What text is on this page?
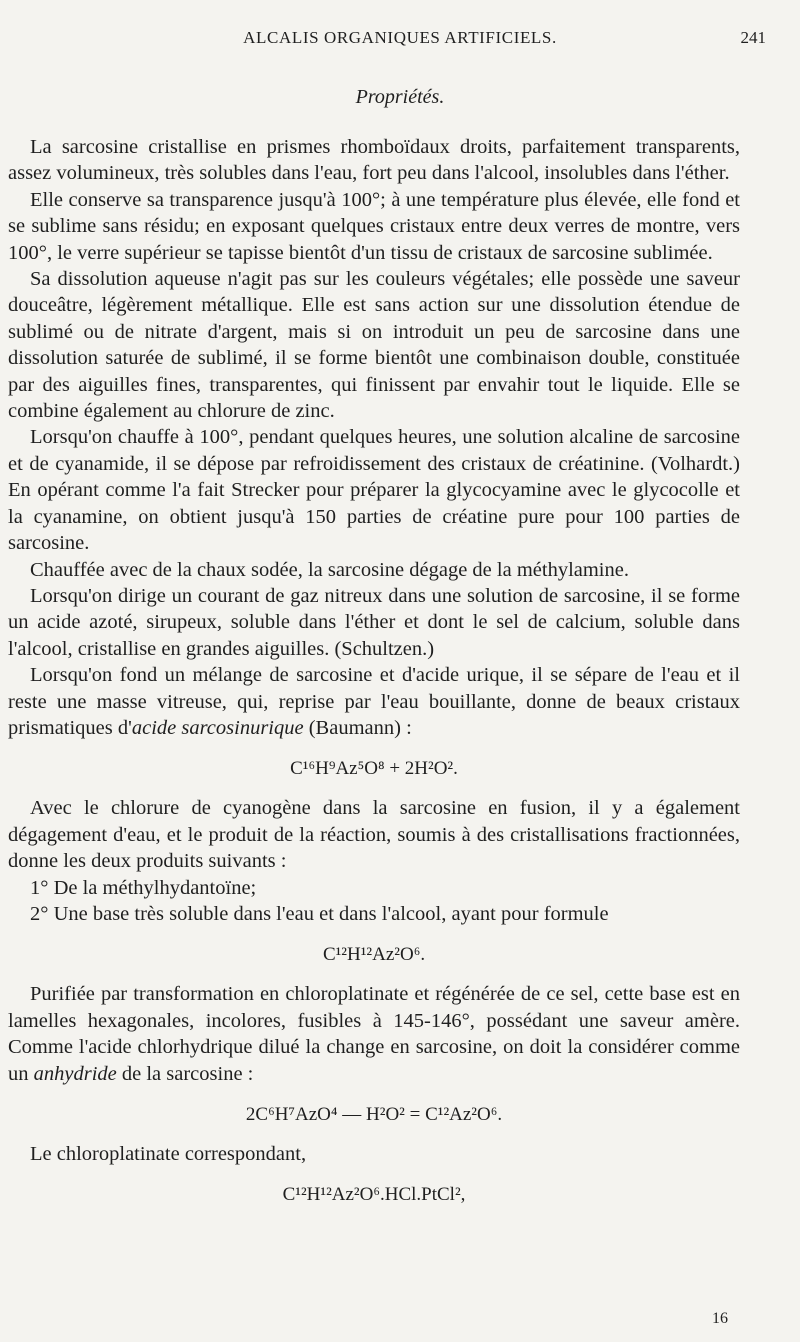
ALCALIS ORGANIQUES ARTIFICIELS.	241
Propriétés.

La sarcosine cristallise en prismes rhomboïdaux droits, parfaitement transparents, assez volumineux, très solubles dans l'eau, fort peu dans l'alcool, insolubles dans l'éther.

Elle conserve sa transparence jusqu'à 100°; à une température plus élevée, elle fond et se sublime sans résidu; en exposant quelques cristaux entre deux verres de montre, vers 100°, le verre supérieur se tapisse bientôt d'un tissu de cristaux de sarcosine sublimée.

Sa dissolution aqueuse n'agit pas sur les couleurs végétales; elle possède une saveur douceâtre, légèrement métallique. Elle est sans action sur une dissolution étendue de sublimé ou de nitrate d'argent, mais si on introduit un peu de sarcosine dans une dissolution saturée de sublimé, il se forme bientôt une combinaison double, constituée par des aiguilles fines, transparentes, qui finissent par envahir tout le liquide. Elle se combine également au chlorure de zinc.

Lorsqu'on chauffe à 100°, pendant quelques heures, une solution alcaline de sarcosine et de cyanamide, il se dépose par refroidissement des cristaux de créatinine. (Volhardt.) En opérant comme l'a fait Strecker pour préparer la glycocyamine avec le glycocolle et la cyanamine, on obtient jusqu'à 150 parties de créatine pure pour 100 parties de sarcosine.

Chauffée avec de la chaux sodée, la sarcosine dégage de la méthylamine.

Lorsqu'on dirige un courant de gaz nitreux dans une solution de sarcosine, il se forme un acide azoté, sirupeux, soluble dans l'éther et dont le sel de calcium, soluble dans l'alcool, cristallise en grandes aiguilles. (Schultzen.)

Lorsqu'on fond un mélange de sarcosine et d'acide urique, il se sépare de l'eau et il reste une masse vitreuse, qui, reprise par l'eau bouillante, donne de beaux cristaux prismatiques d'acide sarcosinurique (Baumann) :

C¹⁶H⁹Az⁵O⁸ + 2H²O².

Avec le chlorure de cyanogène dans la sarcosine en fusion, il y a également dégagement d'eau, et le produit de la réaction, soumis à des cristallisations fractionnées, donne les deux produits suivants :

1° De la méthylhydantoïne;

2° Une base très soluble dans l'eau et dans l'alcool, ayant pour formule

C¹²H¹²Az²O⁶.

Purifiée par transformation en chloroplatinate et régénérée de ce sel, cette base est en lamelles hexagonales, incolores, fusibles à 145-146°, possédant une saveur amère. Comme l'acide chlorhydrique dilué la change en sarcosine, on doit la considérer comme un anhydride de la sarcosine :

2C⁶H⁷AzO⁴ — H²O² = C¹²Az²O⁶.

Le chloroplatinate correspondant,

C¹²H¹²Az²O⁶.HCl.PtCl²,
16
